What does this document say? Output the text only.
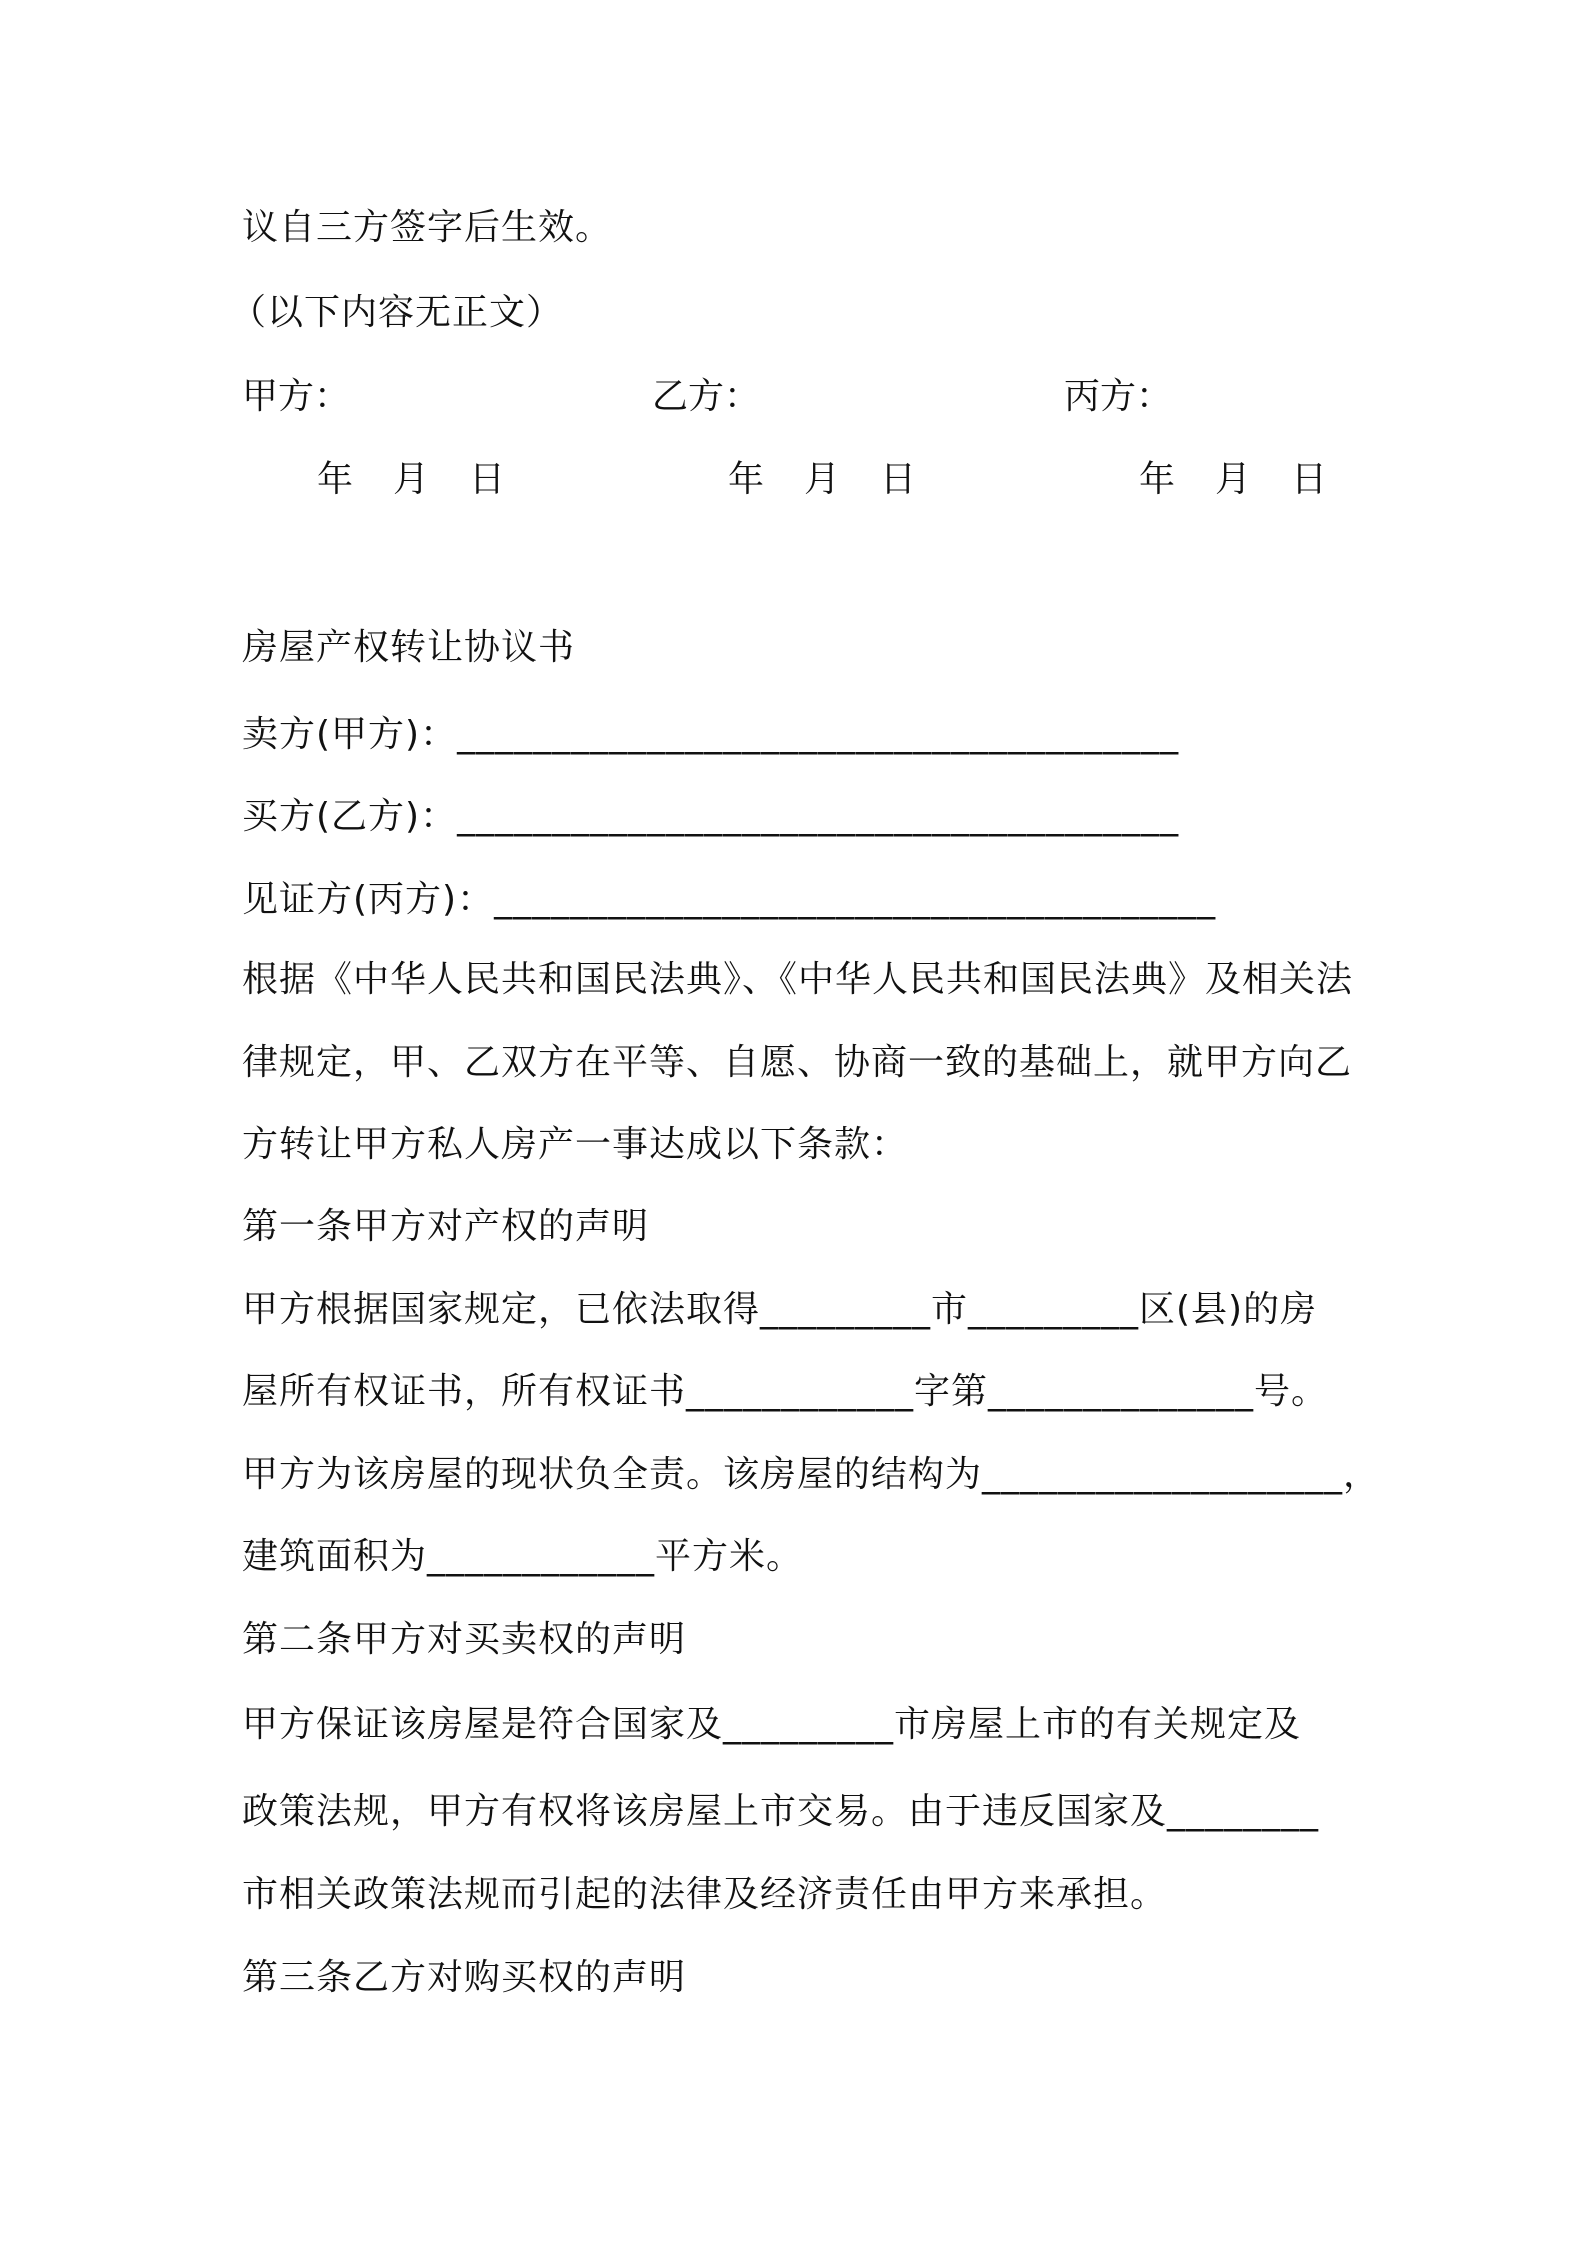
议自三方签字后生效。
（以下内容无正文）
甲方：	乙方：	丙方：
年 月 日	年 月 日	年 月 日
房屋产权转让协议书
卖方(甲方)：______________________________________
买方(乙方)：______________________________________
见证方(丙方)：______________________________________
根据《中华人民共和国民法典》、《中华人民共和国民法典》及相关法
律规定，甲、乙双方在平等、自愿、协商一致的基础上，就甲方向乙
方转让甲方私人房产一事达成以下条款：
第一条甲方对产权的声明
甲方根据国家规定，已依法取得_________市_________区(县)的房
屋所有权证书，所有权证书____________字第______________号。
甲方为该房屋的现状负全责。该房屋的结构为___________________，
建筑面积为____________平方米。
第二条甲方对买卖权的声明
甲方保证该房屋是符合国家及_________市房屋上市的有关规定及
政策法规，甲方有权将该房屋上市交易。由于违反国家及________
市相关政策法规而引起的法律及经济责任由甲方来承担。
第三条乙方对购买权的声明
